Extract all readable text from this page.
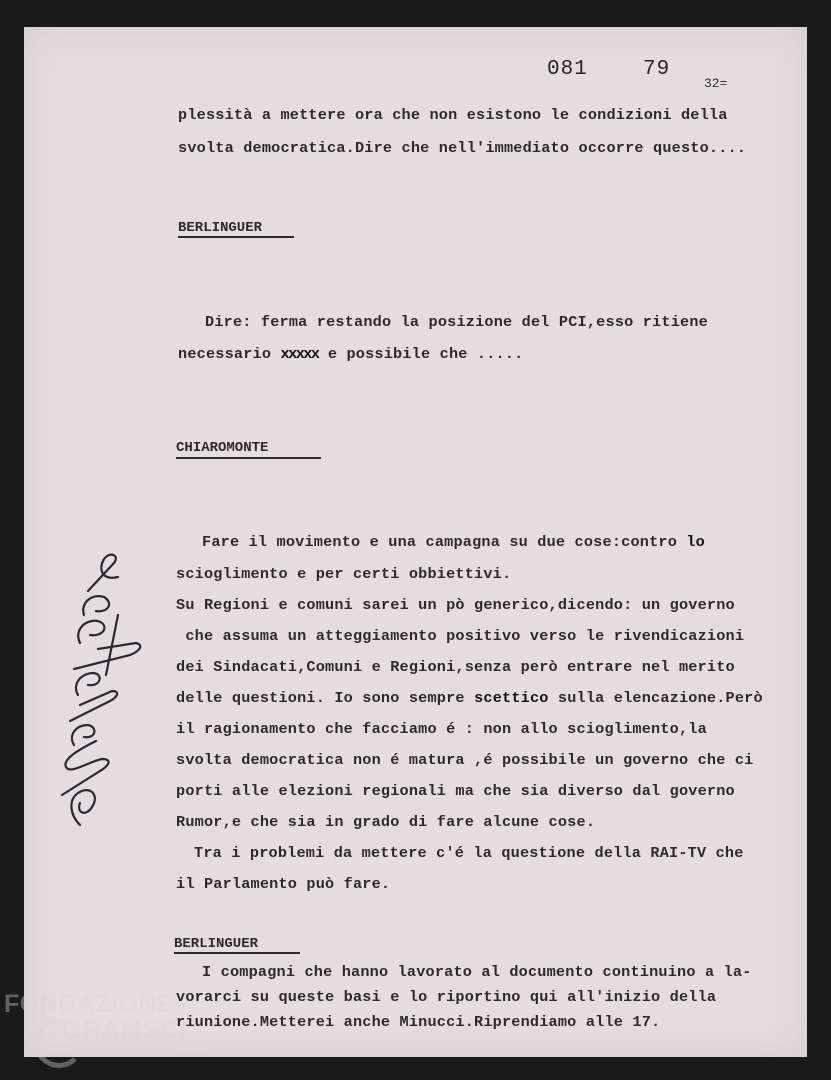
081	79
32=
plessità a mettere ora che non esistono le condizioni della
svolta democratica.Dire che nell'immediato occorre questo....
BERLINGUER
Dire: ferma restando la posizione del PCI,esso ritiene
necessario xxxxx e possibile che .....
CHIAROMONTE
Fare il movimento e una campagna su due cose:contro lo
scioglimento e per certi obbiettivi.
Su Regioni e comuni sarei un pò generico,dicendo: un governo
che assuma un atteggiamento positivo verso le rivendicazioni
dei Sindacati,Comuni e Regioni,senza però entrare nel merito
delle questioni. Io sono sempre scettico sulla elencazione.Però
il ragionamento che facciamo é : non allo scioglimento,la
svolta democratica non é matura ,é possibile un governo che ci
porti alle elezioni regionali ma che sia diverso dal governo
Rumor,e che sia in grado di fare alcune cose.
Tra i problemi da mettere c'é la questione della RAI-TV che
il Parlamento può fare.
BERLINGUER
I compagni che hanno lavorato al documento continuino a la-
vorarci su queste basi e lo riportino qui all'inizio della
riunione.Metterei anche Minucci.Riprendiamo alle 17.
FONDAZIONE
GRAMSCI
onlus
